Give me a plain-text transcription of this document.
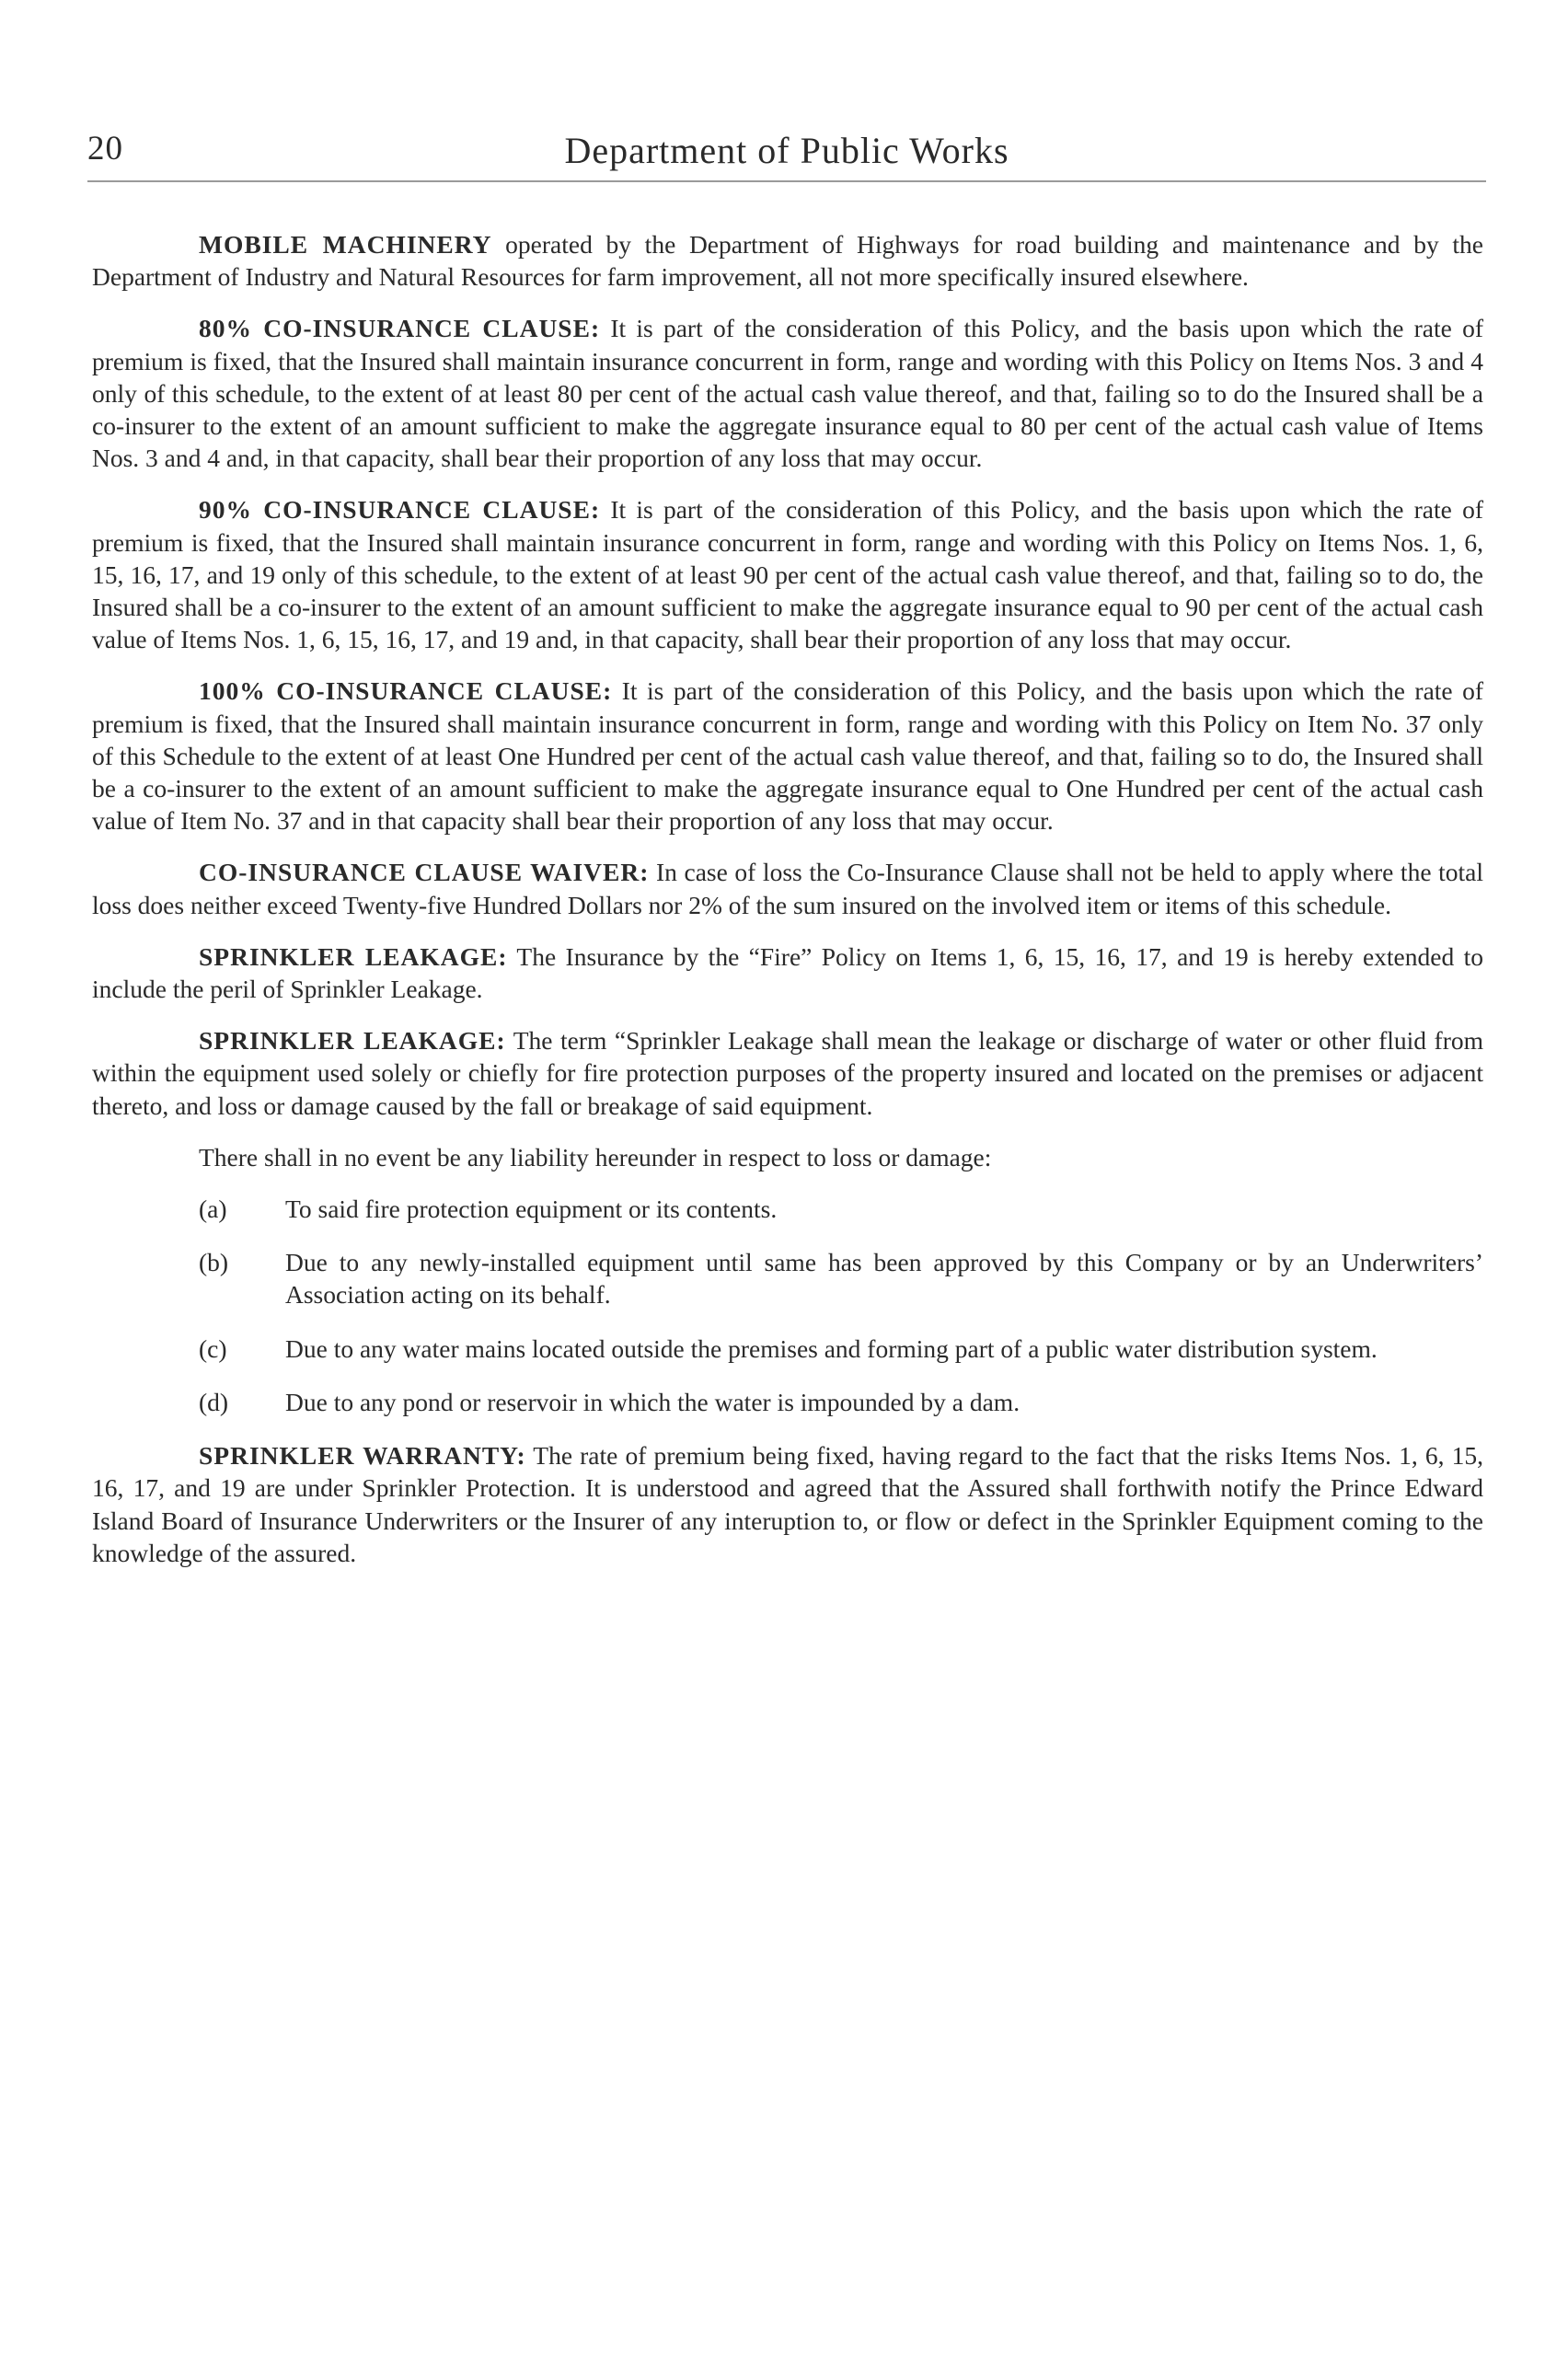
20	Department of Public Works

MOBILE MACHINERY operated by the Department of Highways for road building and maintenance and by the Department of Industry and Natural Resources for farm improvement, all not more specifically insured elsewhere.

80% CO-INSURANCE CLAUSE: It is part of the consideration of this Policy, and the basis upon which the rate of premium is fixed, that the Insured shall maintain insurance concurrent in form, range and wording with this Policy on Items Nos. 3 and 4 only of this schedule, to the extent of at least 80 per cent of the actual cash value thereof, and that, failing so to do the Insured shall be a co-insurer to the extent of an amount sufficient to make the aggregate insurance equal to 80 per cent of the actual cash value of Items Nos. 3 and 4 and, in that capacity, shall bear their proportion of any loss that may occur.

90% CO-INSURANCE CLAUSE: It is part of the consideration of this Policy, and the basis upon which the rate of premium is fixed, that the Insured shall maintain insurance concurrent in form, range and wording with this Policy on Items Nos. 1, 6, 15, 16, 17, and 19 only of this schedule, to the extent of at least 90 per cent of the actual cash value thereof, and that, failing so to do, the Insured shall be a co-insurer to the extent of an amount sufficient to make the aggregate insurance equal to 90 per cent of the actual cash value of Items Nos. 1, 6, 15, 16, 17, and 19 and, in that capacity, shall bear their proportion of any loss that may occur.

100% CO-INSURANCE CLAUSE: It is part of the consideration of this Policy, and the basis upon which the rate of premium is fixed, that the Insured shall maintain insurance concurrent in form, range and wording with this Policy on Item No. 37 only of this Schedule to the extent of at least One Hundred per cent of the actual cash value thereof, and that, failing so to do, the Insured shall be a co-insurer to the extent of an amount sufficient to make the aggregate insurance equal to One Hundred per cent of the actual cash value of Item No. 37 and in that capacity shall bear their proportion of any loss that may occur.

CO-INSURANCE CLAUSE WAIVER: In case of loss the Co-Insurance Clause shall not be held to apply where the total loss does neither exceed Twenty-five Hundred Dollars nor 2% of the sum insured on the involved item or items of this schedule.

SPRINKLER LEAKAGE: The Insurance by the “Fire” Policy on Items 1, 6, 15, 16, 17, and 19 is hereby extended to include the peril of Sprinkler Leakage.

SPRINKLER LEAKAGE: The term “Sprinkler Leakage shall mean the leakage or discharge of water or other fluid from within the equipment used solely or chiefly for fire protection purposes of the property insured and located on the premises or adjacent thereto, and loss or damage caused by the fall or breakage of said equipment.

There shall in no event be any liability hereunder in respect to loss or damage:

(a) To said fire protection equipment or its contents.
(b) Due to any newly-installed equipment until same has been approved by this Company or by an Underwriters’ Association acting on its behalf.
(c) Due to any water mains located outside the premises and forming part of a public water distribution system.
(d) Due to any pond or reservoir in which the water is impounded by a dam.

SPRINKLER WARRANTY: The rate of premium being fixed, having regard to the fact that the risks Items Nos. 1, 6, 15, 16, 17, and 19 are under Sprinkler Protection. It is understood and agreed that the Assured shall forthwith notify the Prince Edward Island Board of Insurance Underwriters or the Insurer of any interuption to, or flow or defect in the Sprinkler Equipment coming to the knowledge of the assured.
